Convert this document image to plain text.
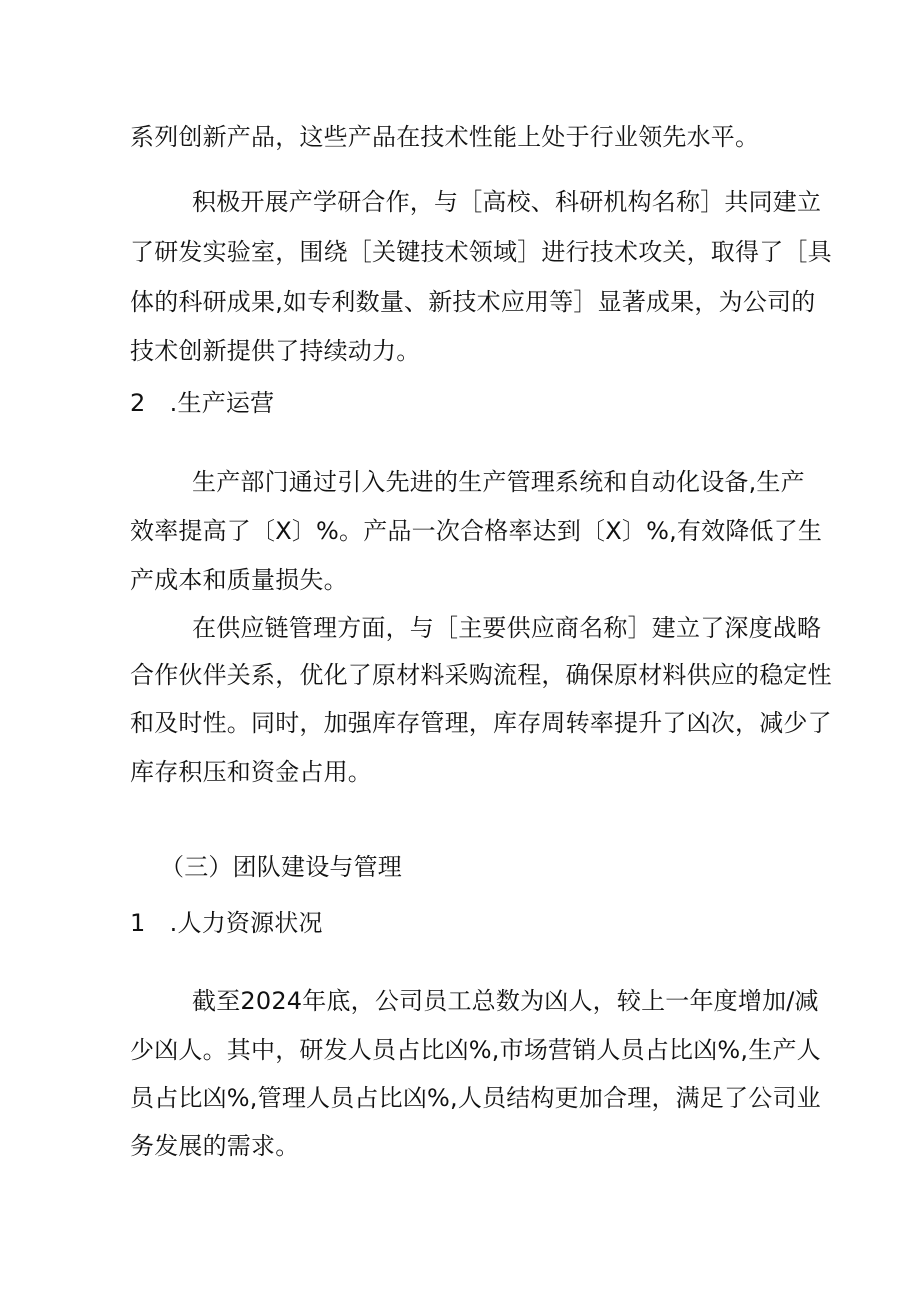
系列创新产品，这些产品在技术性能上处于行业领先水平。
积极开展产学研合作，与［高校、科研机构名称］共同建立
了研发实验室，围绕［关键技术领域］进行技术攻关，取得了［具
体的科研成果,如专利数量、新技术应用等］显著成果，为公司的
技术创新提供了持续动力。
2　.生产运营
生产部门通过引入先进的生产管理系统和自动化设备,生产
效率提高了〔X〕%。产品一次合格率达到〔X〕%,有效降低了生
产成本和质量损失。
在供应链管理方面，与［主要供应商名称］建立了深度战略
合作伙伴关系，优化了原材料采购流程，确保原材料供应的稳定性
和及时性。同时，加强库存管理，库存周转率提升了凶次，减少了
库存积压和资金占用。
（三）团队建设与管理
1　.人力资源状况
截至2024年底，公司员工总数为凶人，较上一年度增加/减
少凶人。其中，研发人员占比凶%,市场营销人员占比凶%,生产人
员占比凶%,管理人员占比凶%,人员结构更加合理，满足了公司业
务发展的需求。
